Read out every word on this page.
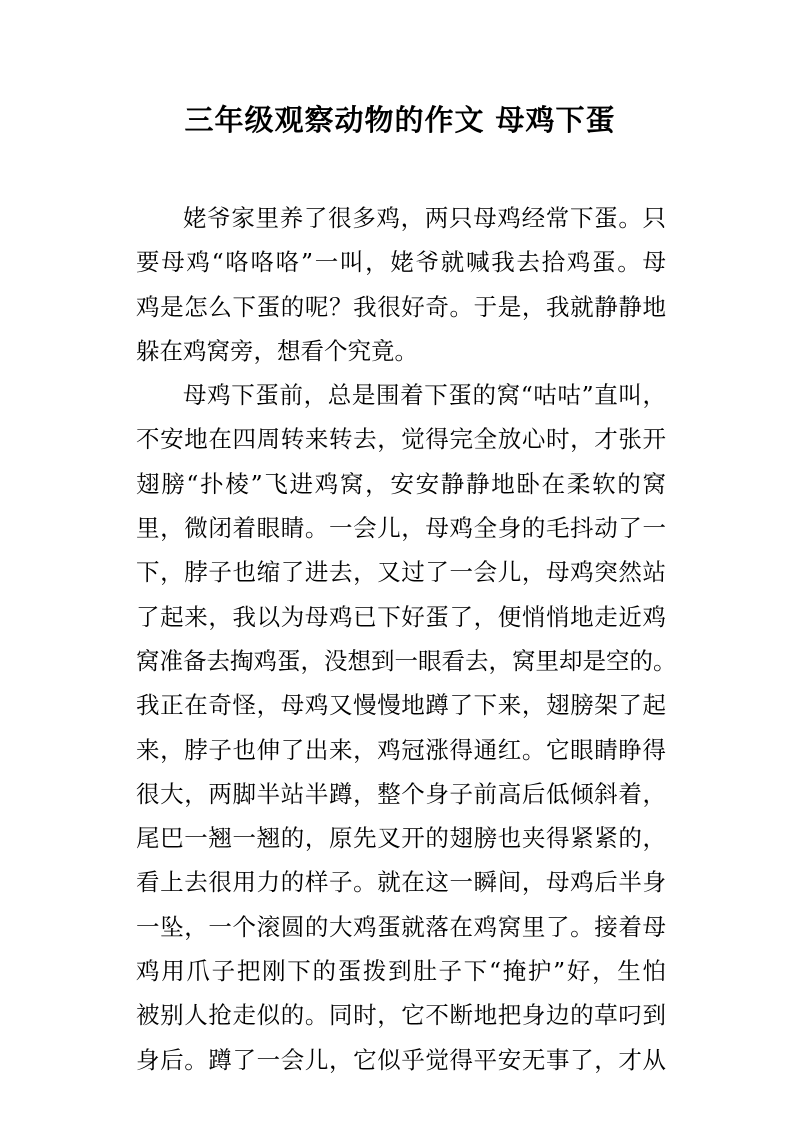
三年级观察动物的作文 母鸡下蛋
姥爷家里养了很多鸡，两只母鸡经常下蛋。只
要母鸡“咯咯咯”一叫，姥爷就喊我去拾鸡蛋。母
鸡是怎么下蛋的呢？我很好奇。于是，我就静静地
躲在鸡窝旁，想看个究竟。
母鸡下蛋前，总是围着下蛋的窝“咕咕”直叫，
不安地在四周转来转去，觉得完全放心时，才张开
翅膀“扑棱”飞进鸡窝，安安静静地卧在柔软的窝
里，微闭着眼睛。一会儿，母鸡全身的毛抖动了一
下，脖子也缩了进去，又过了一会儿，母鸡突然站
了起来，我以为母鸡已下好蛋了，便悄悄地走近鸡
窝准备去掏鸡蛋，没想到一眼看去，窝里却是空的。
我正在奇怪，母鸡又慢慢地蹲了下来，翅膀架了起
来，脖子也伸了出来，鸡冠涨得通红。它眼睛睁得
很大，两脚半站半蹲，整个身子前高后低倾斜着，
尾巴一翘一翘的，原先叉开的翅膀也夹得紧紧的，
看上去很用力的样子。就在这一瞬间，母鸡后半身
一坠，一个滚圆的大鸡蛋就落在鸡窝里了。接着母
鸡用爪子把刚下的蛋拨到肚子下“掩护”好，生怕
被别人抢走似的。同时，它不断地把身边的草叼到
身后。蹲了一会儿，它似乎觉得平安无事了，才从
